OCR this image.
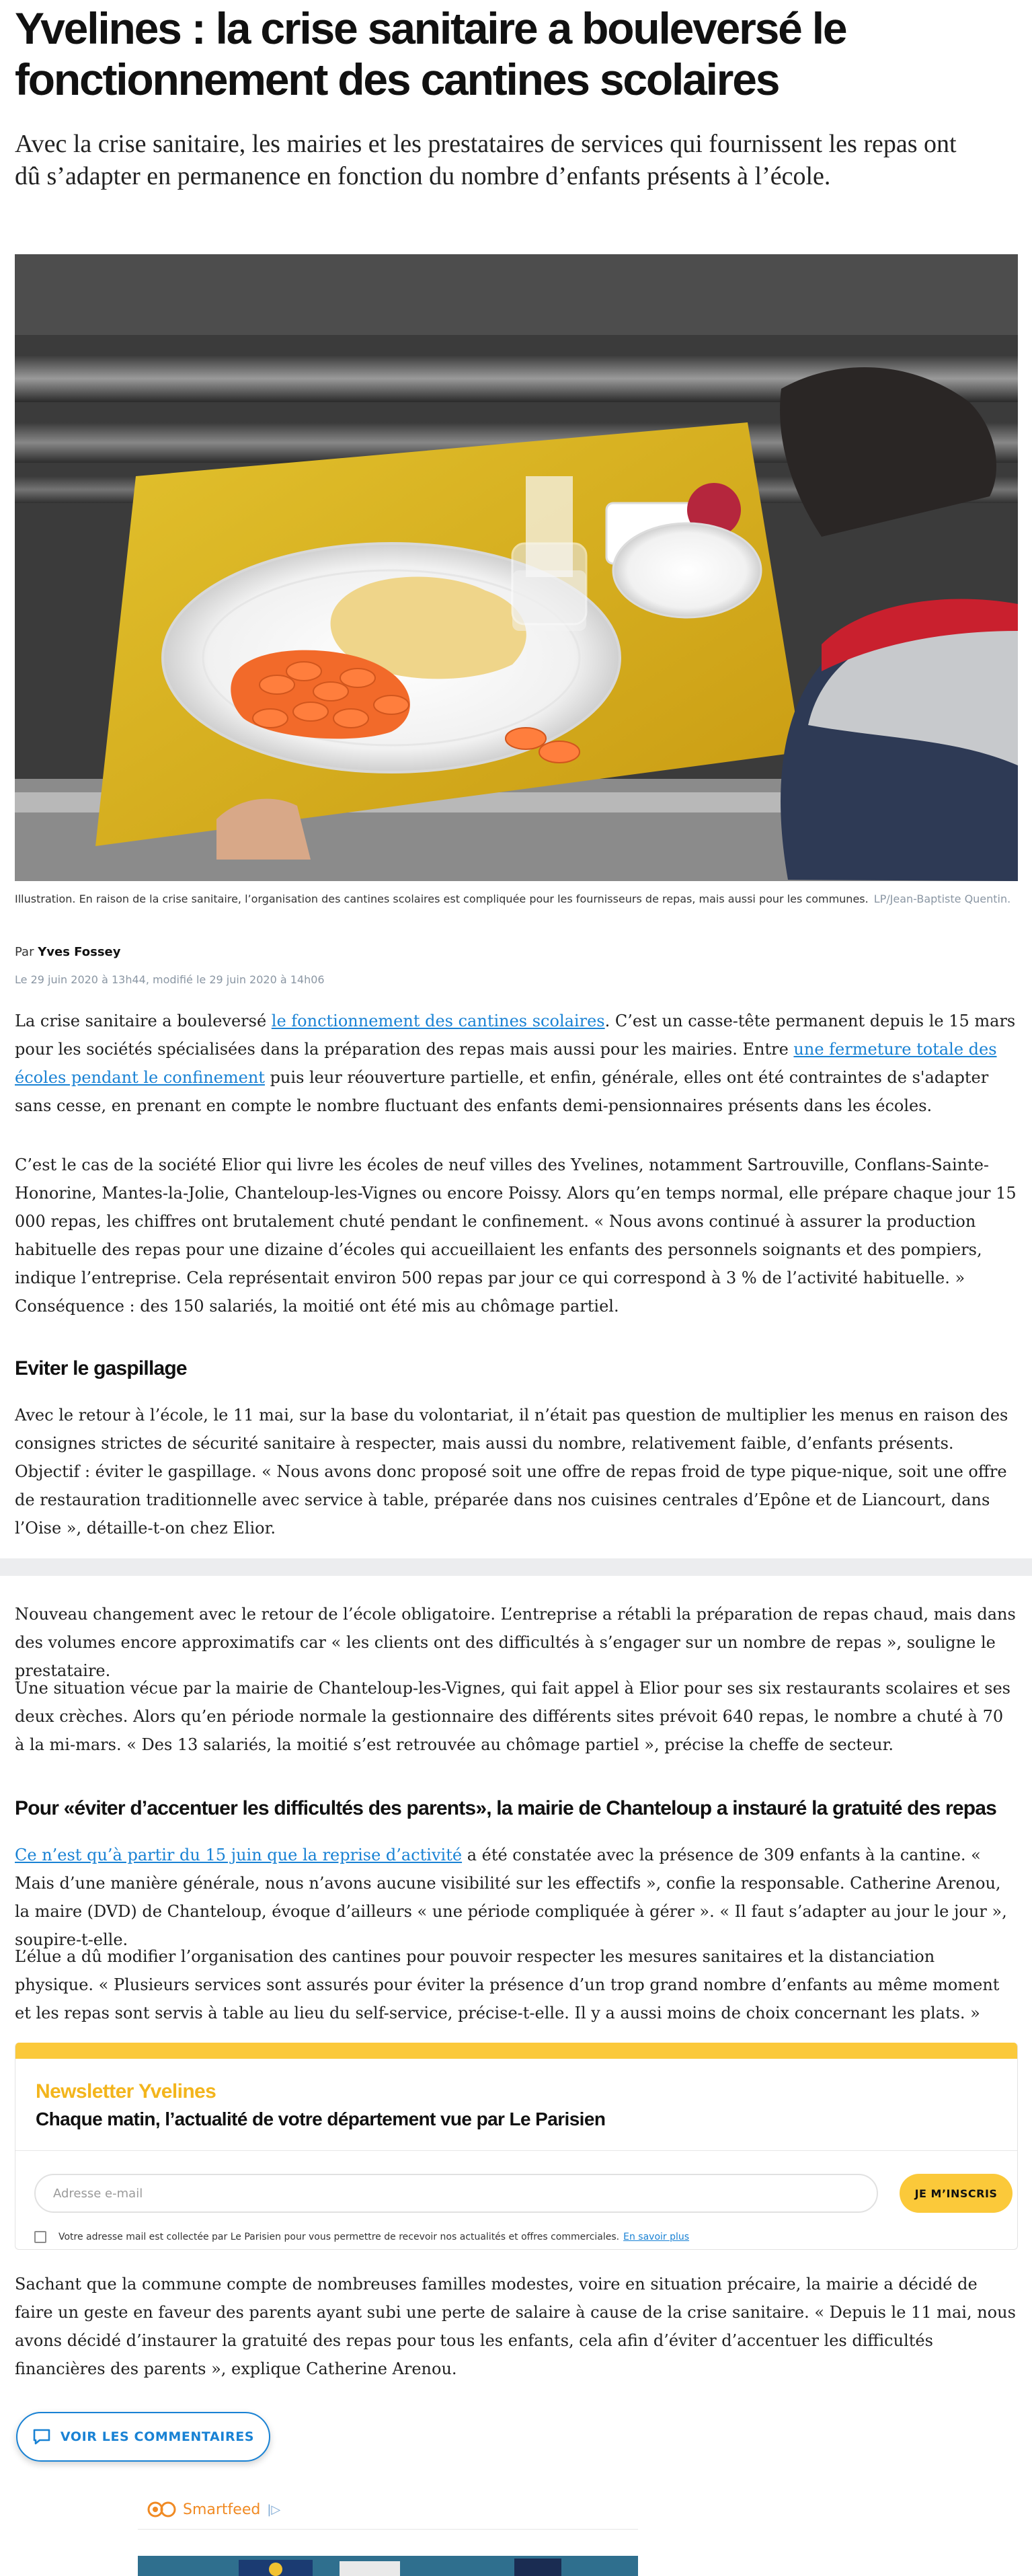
Yvelines : la crise sanitaire a bouleversé le fonctionnement des cantines scolaires

Avec la crise sanitaire, les mairies et les prestataires de services qui fournissent les repas ont dû s’adapter en permanence en fonction du nombre d’enfants présents à l’école.

Illustration. En raison de la crise sanitaire, l’organisation des cantines scolaires est compliquée pour les fournisseurs de repas, mais aussi pour les communes. LP/Jean-Baptiste Quentin.

Par Yves Fossey

Le 29 juin 2020 à 13h44, modifié le 29 juin 2020 à 14h06

La crise sanitaire a bouleversé le fonctionnement des cantines scolaires. C’est un casse-tête permanent depuis le 15 mars pour les sociétés spécialisées dans la préparation des repas mais aussi pour les mairies. Entre une fermeture totale des écoles pendant le confinement puis leur réouverture partielle, et enfin, générale, elles ont été contraintes de s'adapter sans cesse, en prenant en compte le nombre fluctuant des enfants demi-pensionnaires présents dans les écoles.

C’est le cas de la société Elior qui livre les écoles de neuf villes des Yvelines, notamment Sartrouville, Conflans-Sainte-Honorine, Mantes-la-Jolie, Chanteloup-les-Vignes ou encore Poissy. Alors qu’en temps normal, elle prépare chaque jour 15 000 repas, les chiffres ont brutalement chuté pendant le confinement. « Nous avons continué à assurer la production habituelle des repas pour une dizaine d’écoles qui accueillaient les enfants des personnels soignants et des pompiers, indique l’entreprise. Cela représentait environ 500 repas par jour ce qui correspond à 3 % de l’activité habituelle. » Conséquence : des 150 salariés, la moitié ont été mis au chômage partiel.

Eviter le gaspillage

Avec le retour à l’école, le 11 mai, sur la base du volontariat, il n’était pas question de multiplier les menus en raison des consignes strictes de sécurité sanitaire à respecter, mais aussi du nombre, relativement faible, d’enfants présents. Objectif : éviter le gaspillage. « Nous avons donc proposé soit une offre de repas froid de type pique-nique, soit une offre de restauration traditionnelle avec service à table, préparée dans nos cuisines centrales d’Epône et de Liancourt, dans l’Oise », détaille-t-on chez Elior.

Nouveau changement avec le retour de l’école obligatoire. L’entreprise a rétabli la préparation de repas chaud, mais dans des volumes encore approximatifs car « les clients ont des difficultés à s’engager sur un nombre de repas », souligne le prestataire.

Une situation vécue par la mairie de Chanteloup-les-Vignes, qui fait appel à Elior pour ses six restaurants scolaires et ses deux crèches. Alors qu’en période normale la gestionnaire des différents sites prévoit 640 repas, le nombre a chuté à 70 à la mi-mars. « Des 13 salariés, la moitié s’est retrouvée au chômage partiel », précise la cheffe de secteur.

Pour «éviter d’accentuer les difficultés des parents», la mairie de Chanteloup a instauré la gratuité des repas

Ce n’est qu’à partir du 15 juin que la reprise d’activité a été constatée avec la présence de 309 enfants à la cantine. « Mais d’une manière générale, nous n’avons aucune visibilité sur les effectifs », confie la responsable. Catherine Arenou, la maire (DVD) de Chanteloup, évoque d’ailleurs « une période compliquée à gérer ». « Il faut s’adapter au jour le jour », soupire-t-elle.

L’élue a dû modifier l’organisation des cantines pour pouvoir respecter les mesures sanitaires et la distanciation physique. « Plusieurs services sont assurés pour éviter la présence d’un trop grand nombre d’enfants au même moment et les repas sont servis à table au lieu du self-service, précise-t-elle. Il y a aussi moins de choix concernant les plats. »

Newsletter Yvelines
Chaque matin, l’actualité de votre département vue par Le Parisien
Adresse e-mail
JE M’INSCRIS
Votre adresse mail est collectée par Le Parisien pour vous permettre de recevoir nos actualités et offres commerciales. En savoir plus

Sachant que la commune compte de nombreuses familles modestes, voire en situation précaire, la mairie a décidé de faire un geste en faveur des parents ayant subi une perte de salaire à cause de la crise sanitaire. « Depuis le 11 mai, nous avons décidé d’instaurer la gratuité des repas pour tous les enfants, cela afin d’éviter d’accentuer les difficultés financières des parents », explique Catherine Arenou.

VOIR LES COMMENTAIRES
Smartfeed |▷
